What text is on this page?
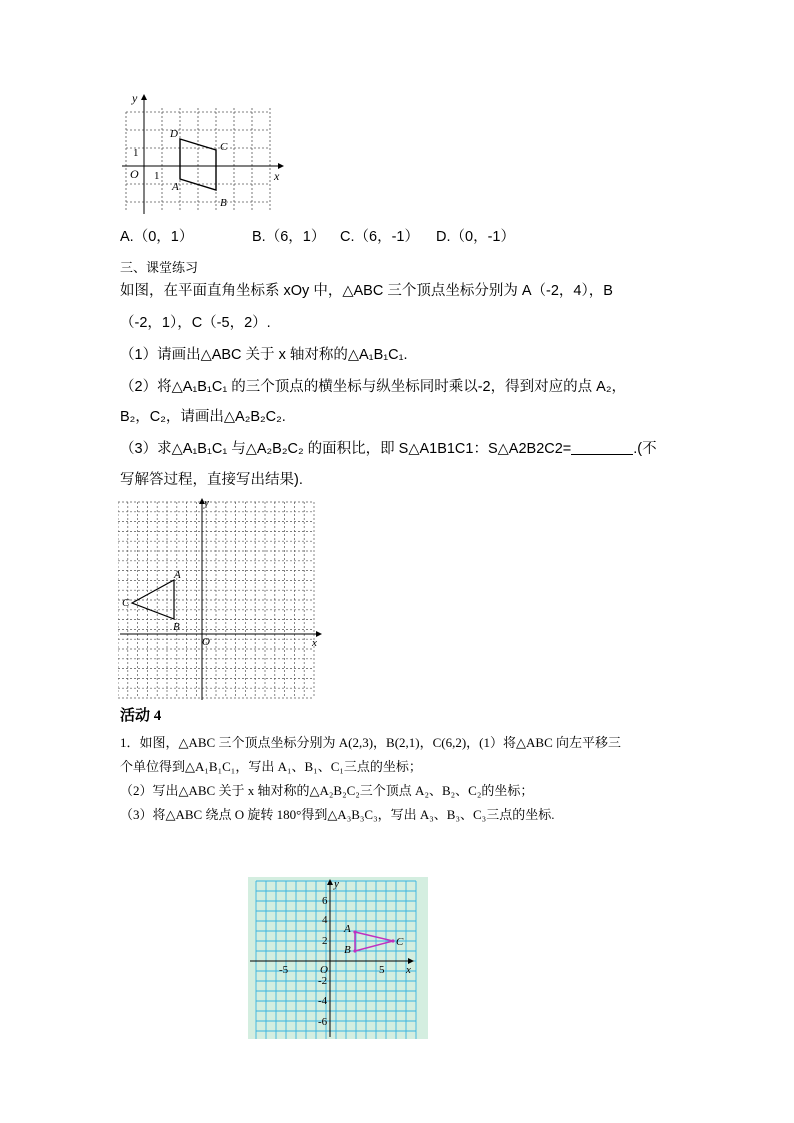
y
x
O 1
1
D
C
A
B
A.（0，1）	B.（6，1） C.（6，-1） D.（0，-1）
三、课堂练习
如图，在平面直角坐标系 xOy 中，△ABC 三个顶点坐标分别为 A（-2，4），B
（-2，1），C（-5，2）.
（1）请画出△ABC 关于 x 轴对称的△A₁B₁C₁.
（2）将△A₁B₁C₁ 的三个顶点的横坐标与纵坐标同时乘以-2，得到对应的点 A₂，
B₂，C₂，请画出△A₂B₂C₂.
（3）求△A₁B₁C₁ 与△A₂B₂C₂ 的面积比，即 S△A1B1C1：S△A2B2C2=	.(不
写解答过程，直接写出结果).
y
x
O
A
B
C
活动 4
1．如图，△ABC 三个顶点坐标分别为 A(2,3)，B(2,1)，C(6,2)，(1）将△ABC 向左平移三
个单位得到△A₁B₁C₁，写出 A₁、B₁、C₁三点的坐标；
（2）写出△ABC 关于 x 轴对称的△A₂B₂C₂三个顶点 A₂、B₂、C₂的坐标；
（3）将△ABC 绕点 O 旋转 180°得到△A₃B₃C₃，写出 A₃、B₃、C₃三点的坐标.
y
x
O
-5	5
6
4
2
-2
-4
-6
A
B
C
